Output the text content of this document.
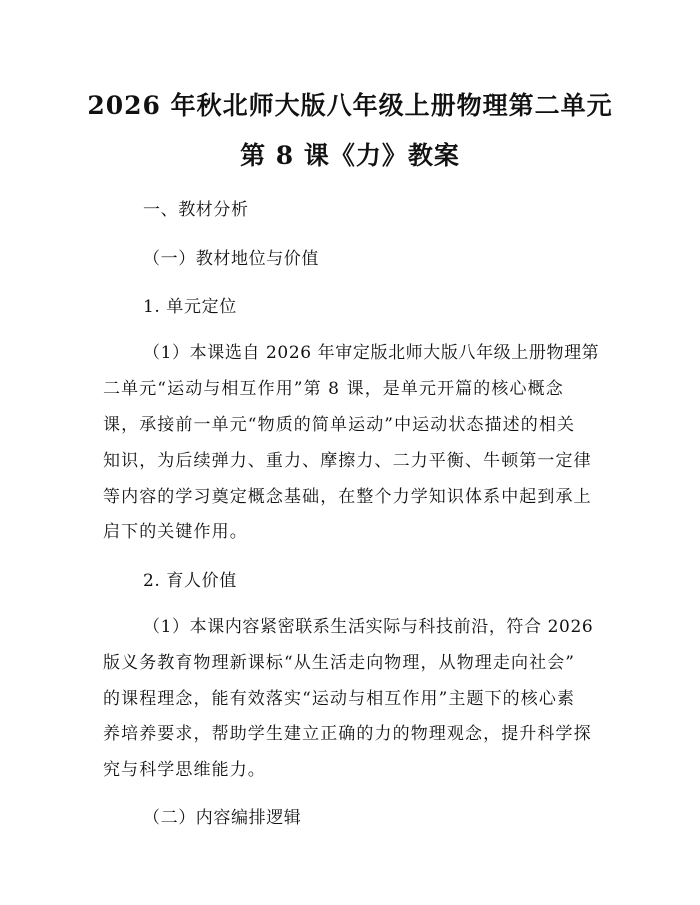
2026 年秋北师大版八年级上册物理第二单元
第 8 课《力》教案
一、教材分析
（一）教材地位与价值
1. 单元定位
（1）本课选自 2026 年审定版北师大版八年级上册物理第
二单元“运动与相互作用”第 8 课，是单元开篇的核心概念
课，承接前一单元“物质的简单运动”中运动状态描述的相关
知识，为后续弹力、重力、摩擦力、二力平衡、牛顿第一定律
等内容的学习奠定概念基础，在整个力学知识体系中起到承上
启下的关键作用。
2. 育人价值
（1）本课内容紧密联系生活实际与科技前沿，符合 2026
版义务教育物理新课标“从生活走向物理，从物理走向社会”
的课程理念，能有效落实“运动与相互作用”主题下的核心素
养培养要求，帮助学生建立正确的力的物理观念，提升科学探
究与科学思维能力。
（二）内容编排逻辑
